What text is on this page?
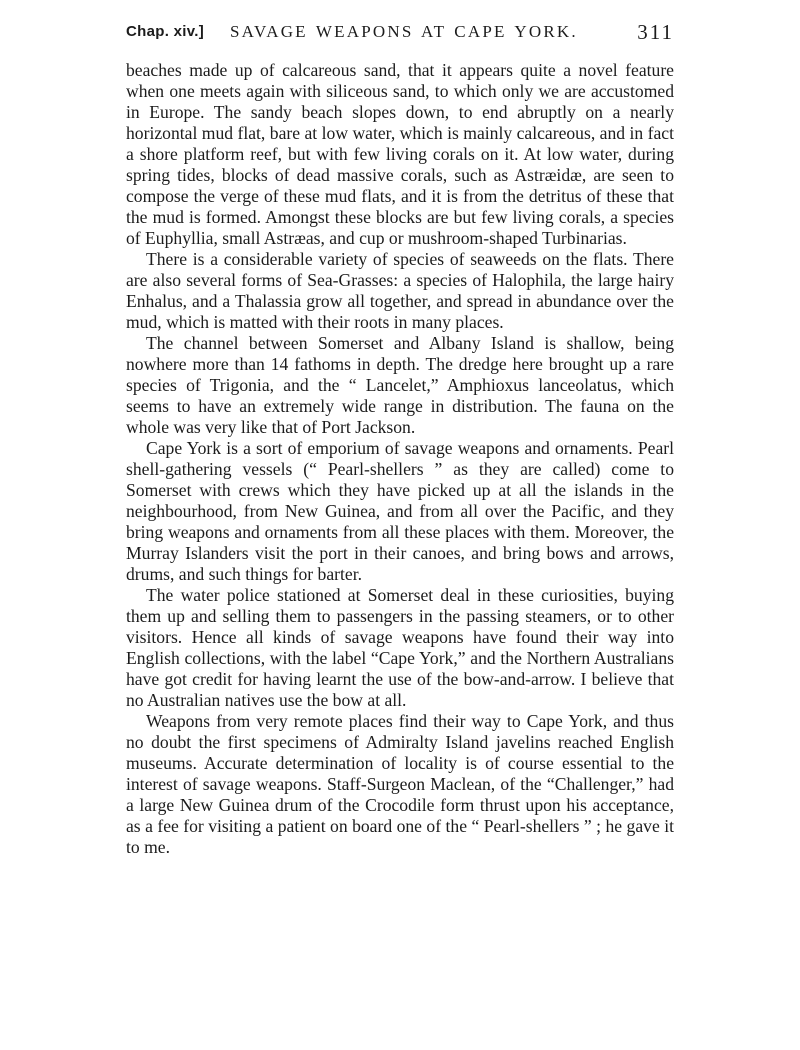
Chap. xiv.] SAVAGE WEAPONS AT CAPE YORK.	311

beaches made up of calcareous sand, that it appears quite a novel feature when one meets again with siliceous sand, to which only we are accustomed in Europe. The sandy beach slopes down, to end abruptly on a nearly horizontal mud flat, bare at low water, which is mainly calcareous, and in fact a shore platform reef, but with few living corals on it. At low water, during spring tides, blocks of dead massive corals, such as Astræidæ, are seen to compose the verge of these mud flats, and it is from the detritus of these that the mud is formed. Amongst these blocks are but few living corals, a species of Euphyllia, small Astræas, and cup or mushroom-shaped Turbinarias.

There is a considerable variety of species of seaweeds on the flats. There are also several forms of Sea-Grasses: a species of Halophila, the large hairy Enhalus, and a Thalassia grow all together, and spread in abundance over the mud, which is matted with their roots in many places.

The channel between Somerset and Albany Island is shallow, being nowhere more than 14 fathoms in depth. The dredge here brought up a rare species of Trigonia, and the “ Lancelet,” Amphioxus lanceolatus, which seems to have an extremely wide range in distribution. The fauna on the whole was very like that of Port Jackson.

Cape York is a sort of emporium of savage weapons and ornaments. Pearl shell-gathering vessels (“ Pearl-shellers ” as they are called) come to Somerset with crews which they have picked up at all the islands in the neighbourhood, from New Guinea, and from all over the Pacific, and they bring weapons and ornaments from all these places with them. Moreover, the Murray Islanders visit the port in their canoes, and bring bows and arrows, drums, and such things for barter.

The water police stationed at Somerset deal in these curiosities, buying them up and selling them to passengers in the passing steamers, or to other visitors. Hence all kinds of savage weapons have found their way into English collections, with the label “Cape York,” and the Northern Australians have got credit for having learnt the use of the bow-and-arrow. I believe that no Australian natives use the bow at all.

Weapons from very remote places find their way to Cape York, and thus no doubt the first specimens of Admiralty Island javelins reached English museums. Accurate determination of locality is of course essential to the interest of savage weapons. Staff-Surgeon Maclean, of the “Challenger,” had a large New Guinea drum of the Crocodile form thrust upon his acceptance, as a fee for visiting a patient on board one of the “ Pearl-shellers ” ; he gave it to me.
